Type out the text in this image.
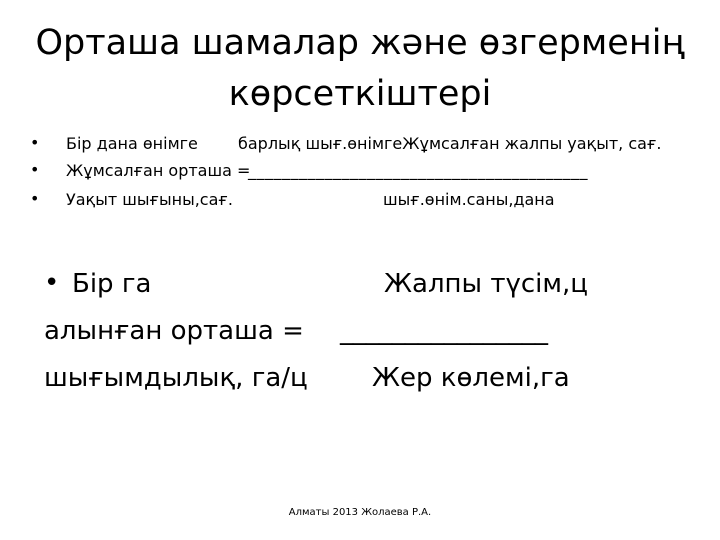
Орташа шамалар және өзгерменің
көрсеткіштері
• Бір дана өнімге	барлық шығ.өнімгеЖұмсалған жалпы уақыт, сағ.
• Жұмсалған орташа =
________________________________________
• Уақыт шығыны,сағ.	шығ.өнім.саны,дана
• Бір га	Жалпы түсім,ц
алынған орташа = ________________
шығымдылық, га/ц Жер көлемі,га
Алматы 2013 Жолаева Р.А.
